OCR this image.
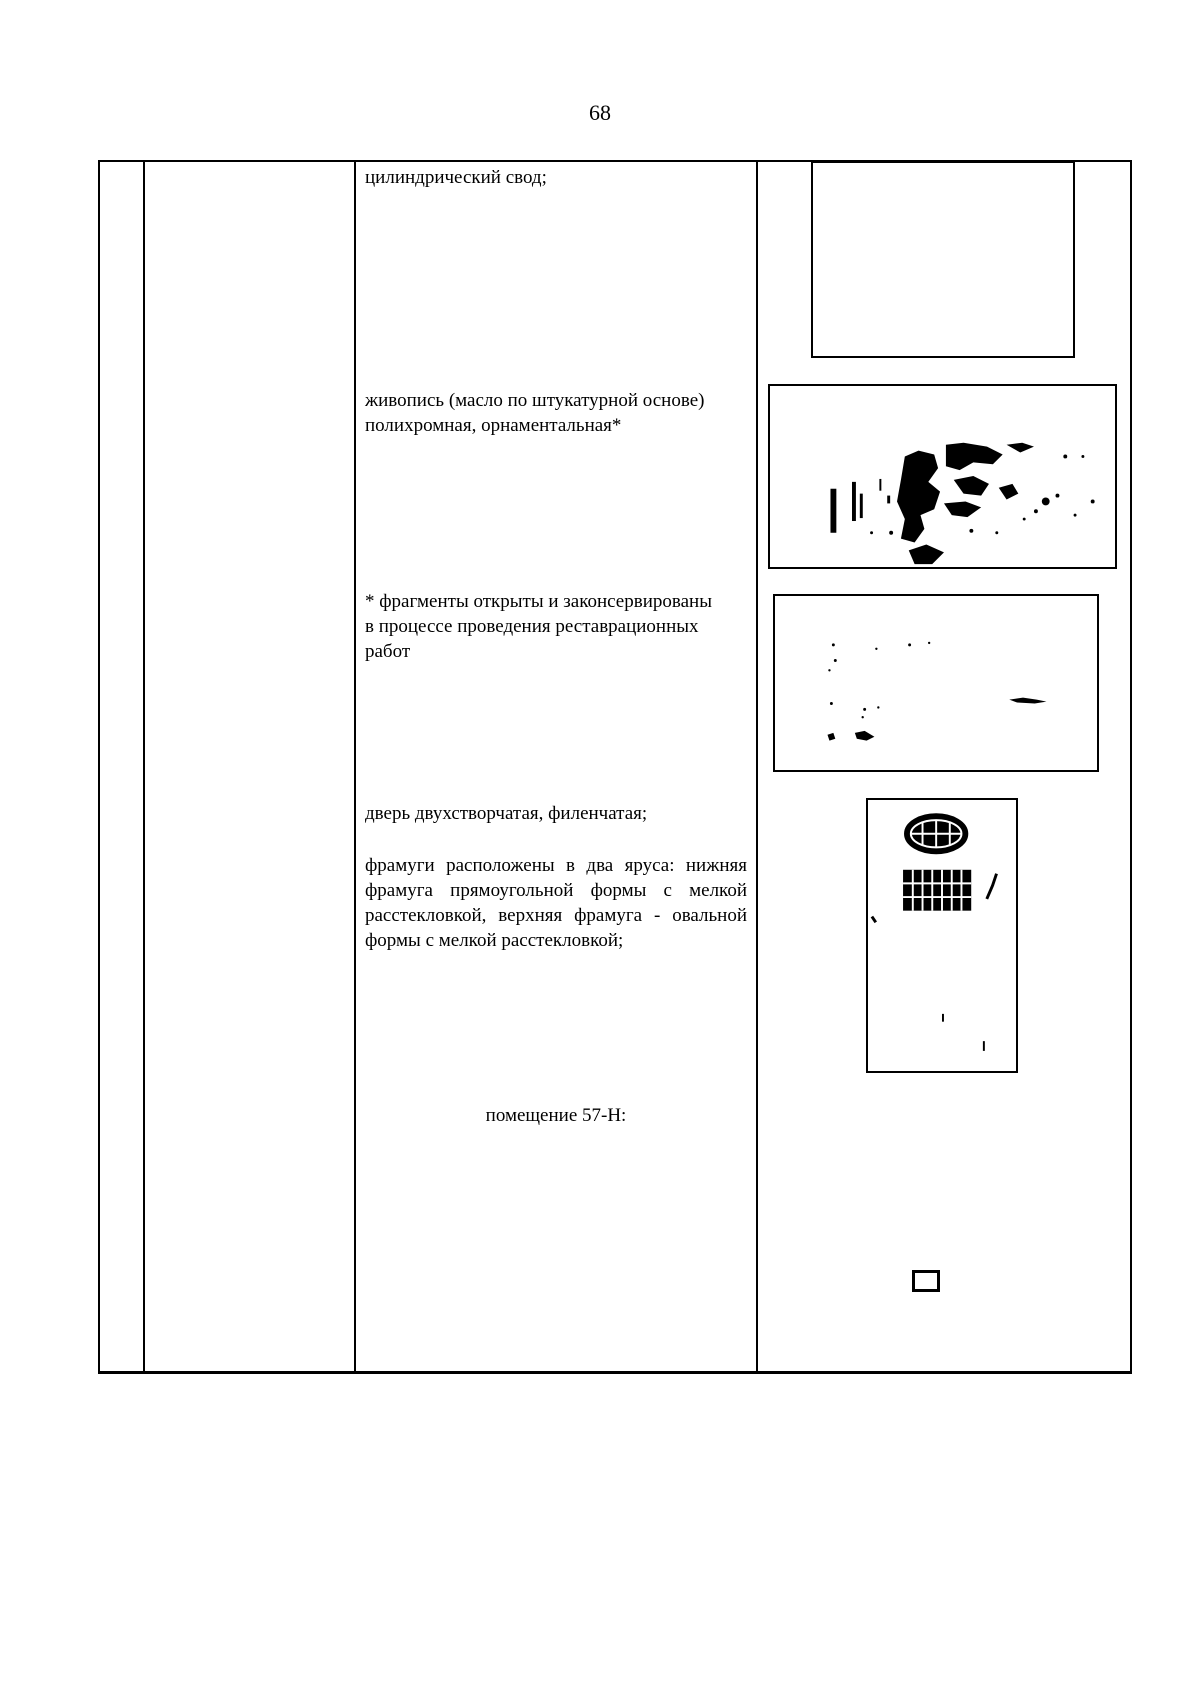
68
цилиндрический свод;
живопись (масло по штукатурной основе) полихромная, орнаментальная*
* фрагменты открыты и законсервированы в процессе проведения реставрационных работ
дверь двухстворчатая, филенчатая;
фрамуги расположены в два яруса: нижняя фрамуга прямоугольной формы с мелкой расстекловкой, верхняя фрамуга - овальной формы с мелкой расстекловкой;
помещение 57-Н:
